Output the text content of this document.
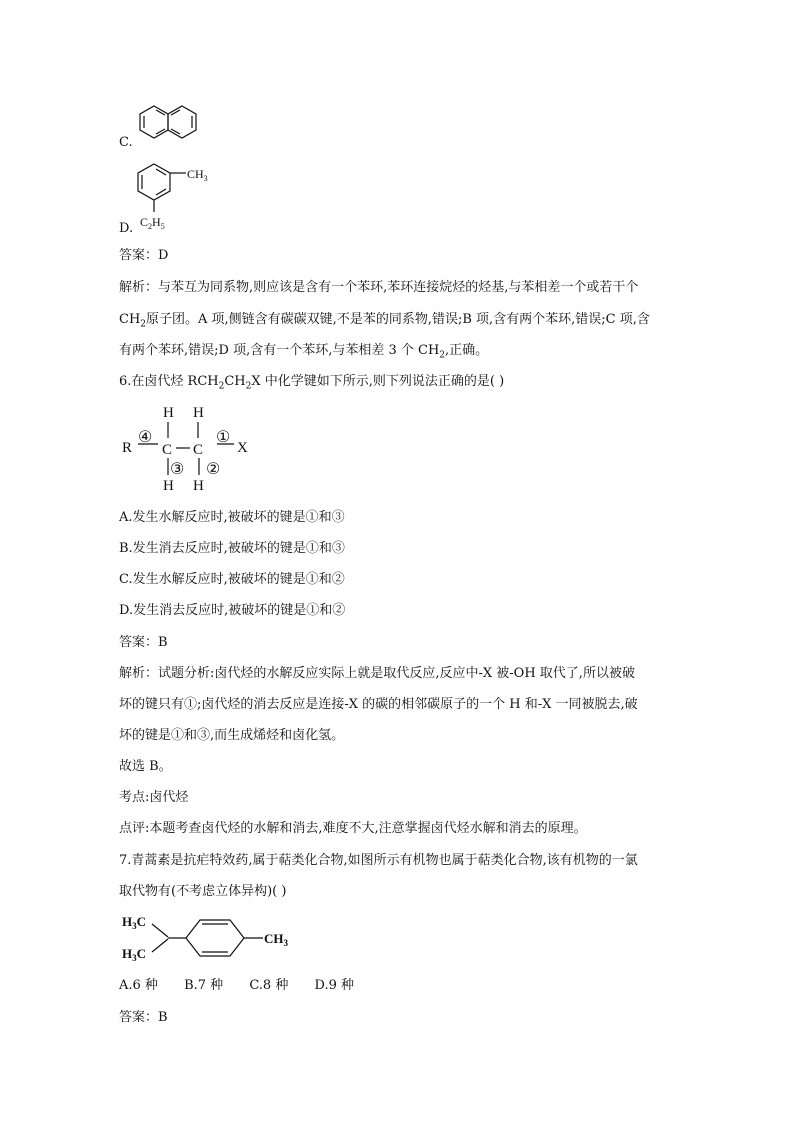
C.
D.
$CH_3$
$C_2H_5$
答案：D
解析：与苯互为同系物,则应该是含有一个苯环,苯环连接烷烃的烃基,与苯相差一个或若干个
$CH_2$原子团。A 项,侧链含有碳碳双键,不是苯的同系物,错误;B 项,含有两个苯环,错误;C 项,含
有两个苯环,错误;D 项,含有一个苯环,与苯相差 3 个 $CH_2$,正确。
6.在卤代烃 $RCH_2CH_2X$ 中化学键如下所示,则下列说法正确的是( )
H H
R C C X
H H
④	①
③ ②
A.发生水解反应时,被破坏的键是①和③
B.发生消去反应时,被破坏的键是①和③
C.发生水解反应时,被破坏的键是①和②
D.发生消去反应时,被破坏的键是①和②
答案：B
解析：试题分析:卤代烃的水解反应实际上就是取代反应,反应中-X 被-OH 取代了,所以被破
坏的键只有①;卤代烃的消去反应是连接-X 的碳的相邻碳原子的一个 H 和-X 一同被脱去,破
坏的键是①和③,而生成烯烃和卤化氢。
故选 B。
考点:卤代烃
点评:本题考查卤代烃的水解和消去,难度不大,注意掌握卤代烃水解和消去的原理。
7.青蒿素是抗疟特效药,属于萜类化合物,如图所示有机物也属于萜类化合物,该有机物的一氯
取代物有(不考虑立体异构)( )
$H_3C$
$H_3C$
$CH_3$
A.6 种 B.7 种 C.8 种 D.9 种
答案：B
